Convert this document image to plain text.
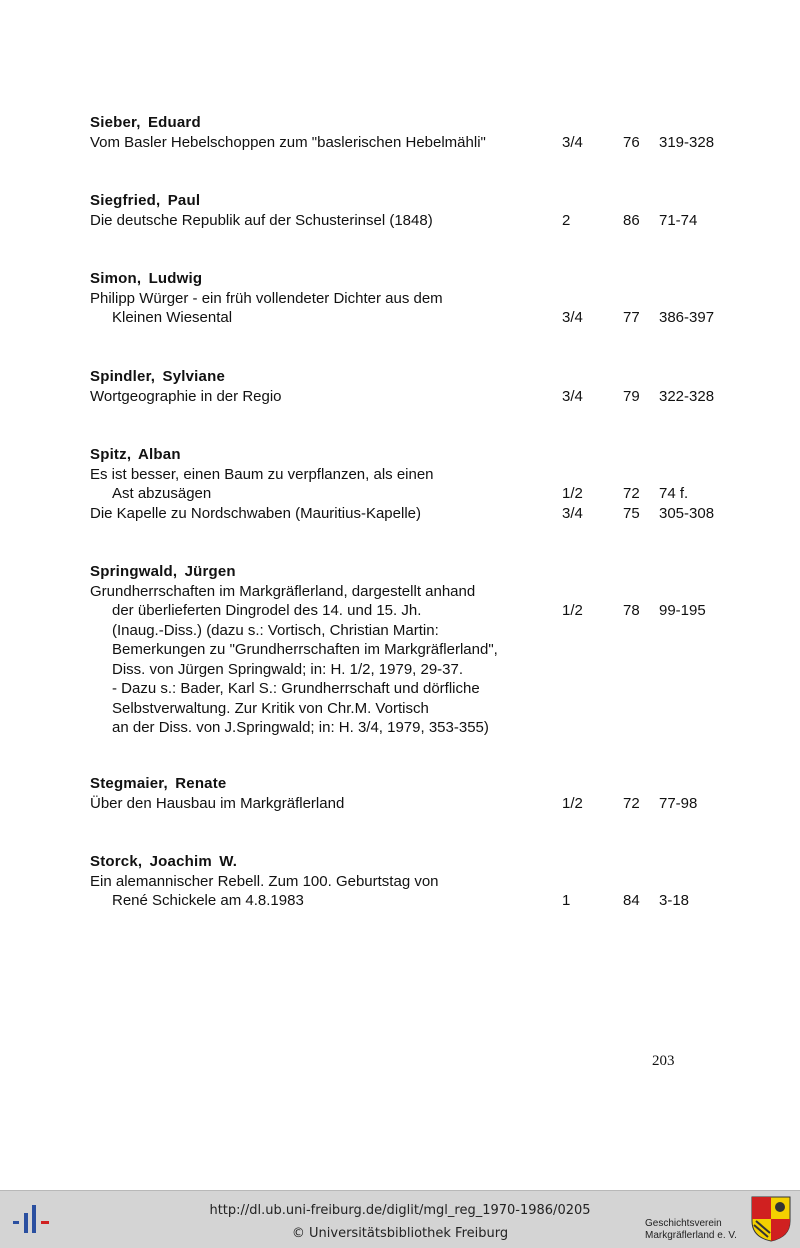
Sieber, Eduard
Vom Basler Hebelschoppen zum "baslerischen Hebelmähli"	3/4	76 319-328
Siegfried, Paul
Die deutsche Republik auf der Schusterinsel (1848)	2	86 71-74
Simon, Ludwig
Philipp Würger - ein früh vollendeter Dichter aus dem
Kleinen Wiesental	3/4	77 386-397
Spindler, Sylviane
Wortgeographie in der Regio	3/4	79 322-328
Spitz, Alban
Es ist besser, einen Baum zu verpflanzen, als einen
Ast abzusägen	1/2	72 74 f.
Die Kapelle zu Nordschwaben (Mauritius-Kapelle)	3/4	75 305-308
Springwald, Jürgen
Grundherrschaften im Markgräflerland, dargestellt anhand
der überlieferten Dingrodel des 14. und 15. Jh.	1/2	78 99-195
(Inaug.-Diss.) (dazu s.: Vortisch, Christian Martin:
Bemerkungen zu "Grundherrschaften im Markgräflerland",
Diss. von Jürgen Springwald; in: H. 1/2, 1979, 29-37.
- Dazu s.: Bader, Karl S.: Grundherrschaft und dörfliche
Selbstverwaltung. Zur Kritik von Chr.M. Vortisch
an der Diss. von J.Springwald; in: H. 3/4, 1979, 353-355)
Stegmaier, Renate
Über den Hausbau im Markgräflerland	1/2	72 77-98
Storck, Joachim W.
Ein alemannischer Rebell. Zum 100. Geburtstag von
René Schickele am 4.8.1983	1	84 3-18
203
http://dl.ub.uni-freiburg.de/diglit/mgl_reg_1970-1986/0205
© Universitätsbibliothek Freiburg
Geschichtsverein
Markgräflerland e. V.
